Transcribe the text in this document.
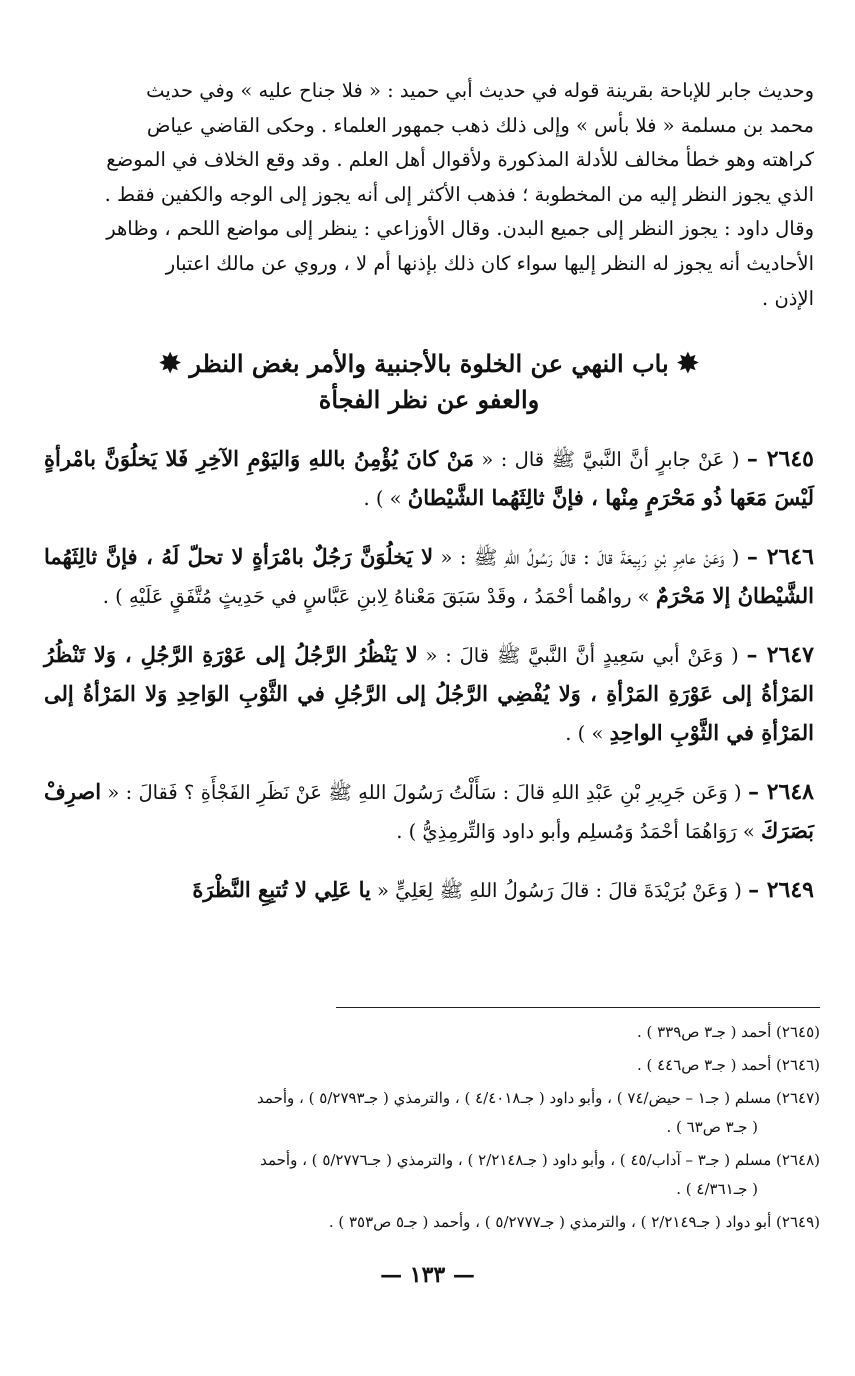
وحديث جابر للإباحة بقرينة قوله في حديث أبي حميد : « فلا جناح عليه » وفي حديث

محمد بن مسلمة « فلا بأس » وإلى ذلك ذهب جمهور العلماء . وحكى القاضي عياض

كراهته وهو خطأ مخالف للأدلة المذكورة ولأقوال أهل العلم . وقد وقع الخلاف في الموضع

الذي يجوز النظر إليه من المخطوبة ؛ فذهب الأكثر إلى أنه يجوز إلى الوجه والكفين فقط .

وقال داود : يجوز النظر إلى جميع البدن. وقال الأوزاعي : ينظر إلى مواضع اللحم ، وظاهر

الأحاديث أنه يجوز له النظر إليها سواء كان ذلك بإذنها أم لا ، وروي عن مالك اعتبار

الإذن .

✸ باب النهي عن الخلوة بالأجنبية والأمر بغض النظر ✸
والعفو عن نظر الفجأة

٢٦٤٥ – ( عَنْ جابرٍ أنَّ النَّبيَّ ﷺ قال : « مَنْ كانَ يُؤْمِنُ باللهِ وَاليَوْمِ الآخِرِ فَلا يَخلُوَنَّ بامْرأةٍ لَيْسَ مَعَها ذُو مَحْرَمٍ مِنْها ، فإنَّ ثالِثَهُما الشَّيْطانُ » ) .

٢٦٤٦ – ( وَعَنْ عامِرِ بْنِ رَبِيعَةَ قالَ : قالَ رَسُولُ اللهِ ﷺ : « لا يَخلُوَنَّ رَجُلٌ بامْرَأةٍ لا تحلّ لَهُ ، فإنَّ ثالِثَهُما الشَّيْطانُ إلا مَحْرَمٌ » رواهُما أحْمَدُ ، وقَدْ سَبَقَ مَعْناهُ لِابنِ عَبَّاسٍ في حَدِيثٍ مُتَّفَقٍ عَلَيْهِ ) .

٢٦٤٧ – ( وَعَنْ أبي سَعِيدٍ أنَّ النَّبيَّ ﷺ قالَ : « لا يَنْظُرُ الرَّجُلُ إلى عَوْرَةِ الرَّجُلِ ، وَلا تَنْظُرُ المَرْأةُ إلى عَوْرَةِ المَرْأةِ ، وَلا يُفْضِي الرَّجُلُ إلى الرَّجُلِ في الثَّوْبِ الوَاحِدِ وَلا المَرْأةُ إلى المَرْأةِ في الثَّوْبِ الواحِدِ » ) .

٢٦٤٨ – ( وَعَن جَرِيرِ بْنِ عَبْدِ اللهِ قالَ : سَأَلْتُ رَسُولَ اللهِ ﷺ عَنْ نَظَرِ الفَجْأَةِ ؟ فَقالَ : « اصرِفْ بَصَرَكَ » رَوَاهُمَا أحْمَدُ وَمُسلِم وأبو داود وَالتِّرمِذِيُّ ) .

٢٦٤٩ – ( وَعَنْ بُرَيْدَةَ قالَ : قالَ رَسُولُ اللهِ ﷺ لِعَلِيٍّ « يا عَلِي لا تُتبِعِ النَّظْرَةَ

(٢٦٤٥) أحمد ( جـ٣ ص٣٣٩ ) .
(٢٦٤٦) أحمد ( جـ٣ ص٤٤٦ ) .
(٢٦٤٧) مسلم ( جـ١ – حيض/٧٤ ) ، وأبو داود ( جـ٤/٤٠١٨ ) ، والترمذي ( جـ٥/٢٧٩٣ ) ، وأحمد
( جـ٣ ص٦٣ ) .
(٢٦٤٨) مسلم ( جـ٣ – آداب/٤٥ ) ، وأبو داود ( جـ٢/٢١٤٨ ) ، والترمذي ( جـ٥/٢٧٧٦ ) ، وأحمد
( جـ٤/٣٦١ ) .
(٢٦٤٩) أبو دواد ( جـ٢/٢١٤٩ ) ، والترمذي ( جـ٥/٢٧٧٧ ) ، وأحمد ( جـ٥ ص٣٥٣ ) .
— ١٣٣ —
